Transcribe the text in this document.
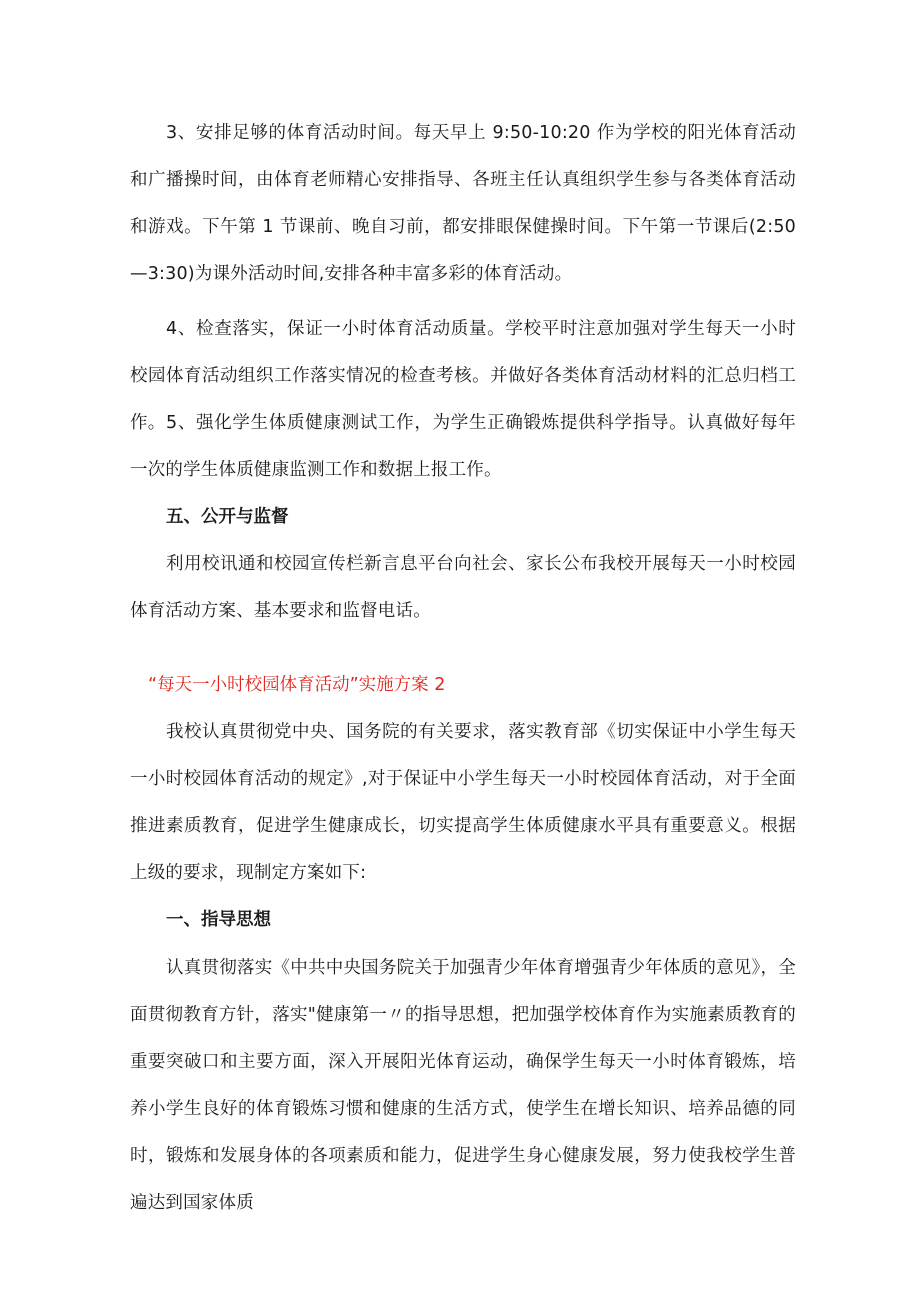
3、安排足够的体育活动时间。每天早上 9:50-10:20 作为学校的阳光体育活动和广播操时间，由体育老师精心安排指导、各班主任认真组织学生参与各类体育活动和游戏。下午第 1 节课前、晚自习前，都安排眼保健操时间。下午第一节课后(2:50—3:30)为课外活动时间,安排各种丰富多彩的体育活动。

4、检查落实，保证一小时体育活动质量。学校平时注意加强对学生每天一小时校园体育活动组织工作落实情况的检查考核。并做好各类体育活动材料的汇总归档工作。 5、强化学生体质健康测试工作，为学生正确锻炼提供科学指导。认真做好每年一次的学生体质健康监测工作和数据上报工作。

五、公开与监督

利用校讯通和校园宣传栏新言息平台向社会、家长公布我校开展每天一小时校园体育活动方案、基本要求和监督电话。

“每天一小时校园体育活动”实施方案 2

我校认真贯彻党中央、国务院的有关要求，落实教育部《切实保证中小学生每天一小时校园体育活动的规定》,对于保证中小学生每天一小时校园体育活动，对于全面推进素质教育，促进学生健康成长，切实提高学生体质健康水平具有重要意义。根据上级的要求，现制定方案如下:

一、指导思想

认真贯彻落实《中共中央国务院关于加强青少年体育增强青少年体质的意见》，全面贯彻教育方针，落实"健康第一〃的指导思想，把加强学校体育作为实施素质教育的重要突破口和主要方面，深入开展阳光体育运动，确保学生每天一小时体育锻炼，培养小学生良好的体育锻炼习惯和健康的生活方式，使学生在增长知识、培养品德的同时，锻炼和发展身体的各项素质和能力，促进学生身心健康发展，努力使我校学生普遍达到国家体质
